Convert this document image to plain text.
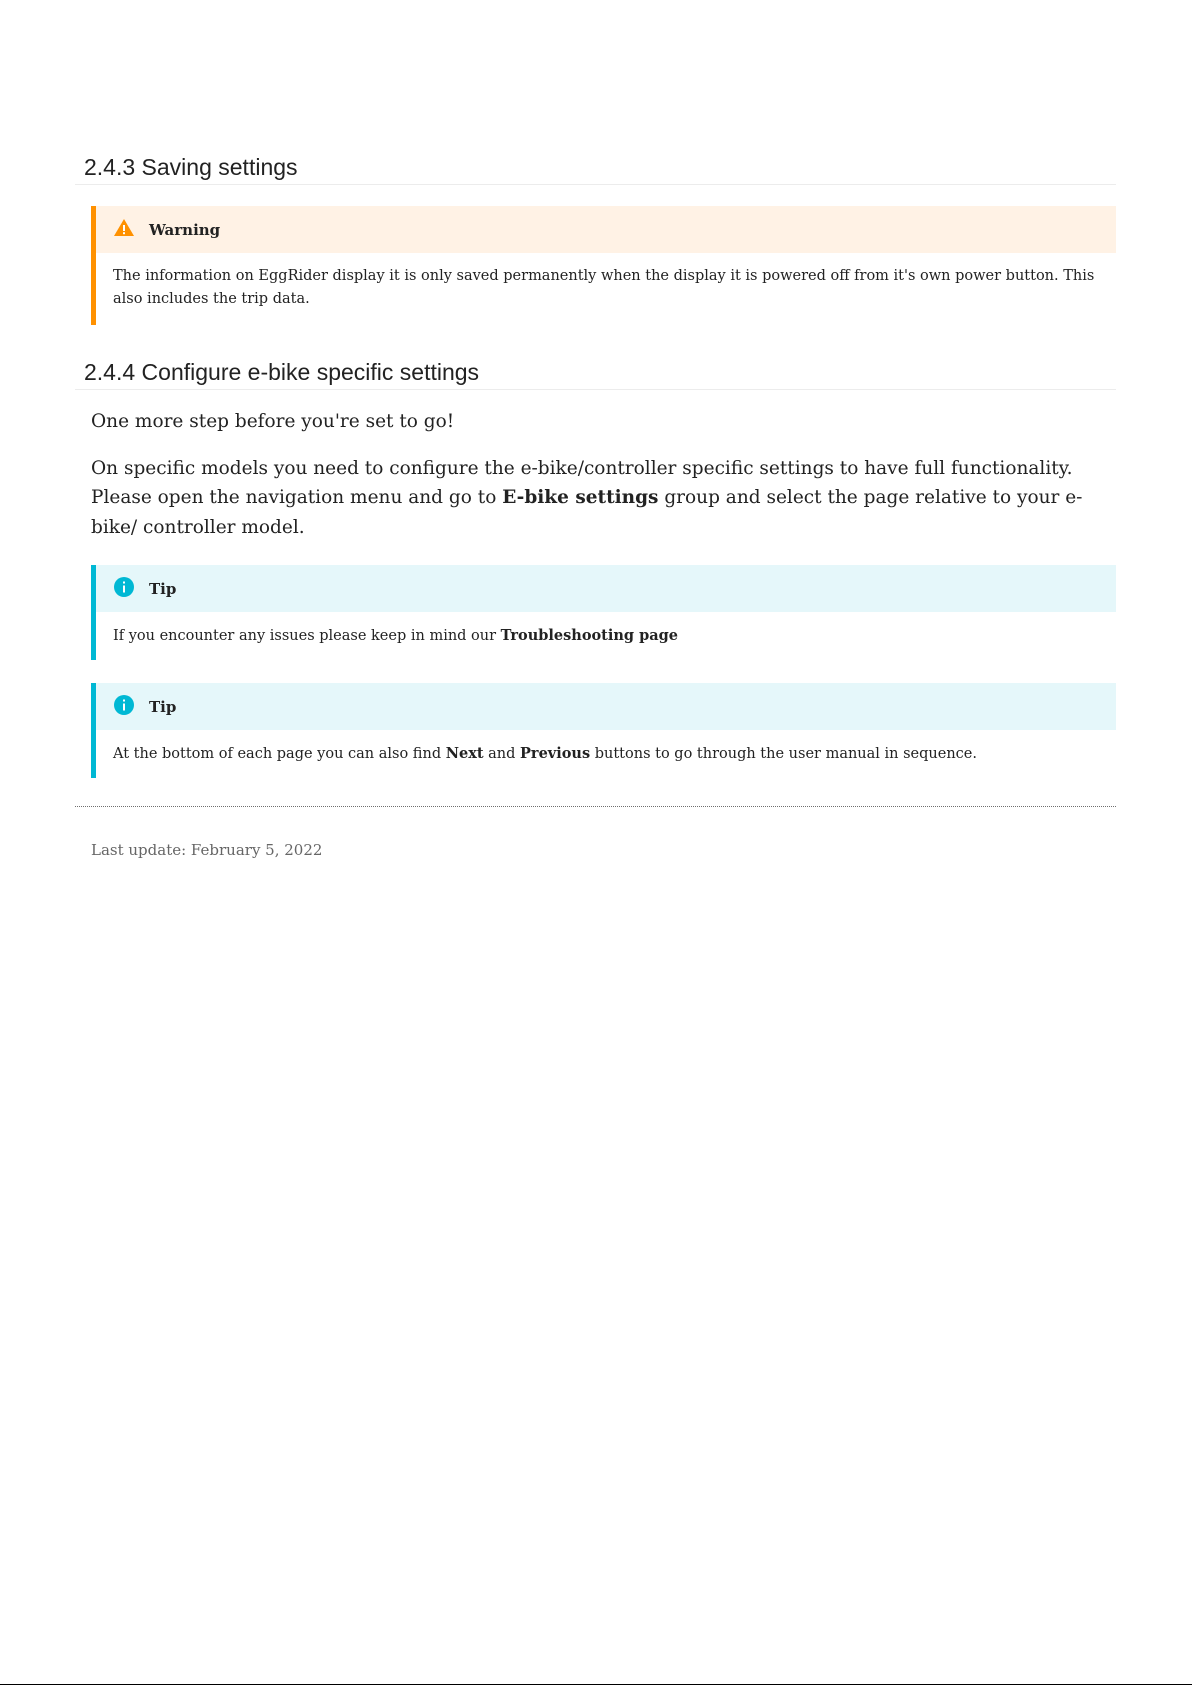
2.4.3 Saving settings
Warning
The information on EggRider display it is only saved permanently when the display it is powered off from it's own power button. This also includes the trip data.
2.4.4 Configure e-bike specific settings

One more step before you're set to go!

On specific models you need to configure the e-bike/controller specific settings to have full functionality. Please open the navigation menu and go to E-bike settings group and select the page relative to your e-bike/ controller model.

Tip
If you encounter any issues please keep in mind our Troubleshooting page
Tip
At the bottom of each page you can also find Next and Previous buttons to go through the user manual in sequence.
Last update: February 5, 2022
